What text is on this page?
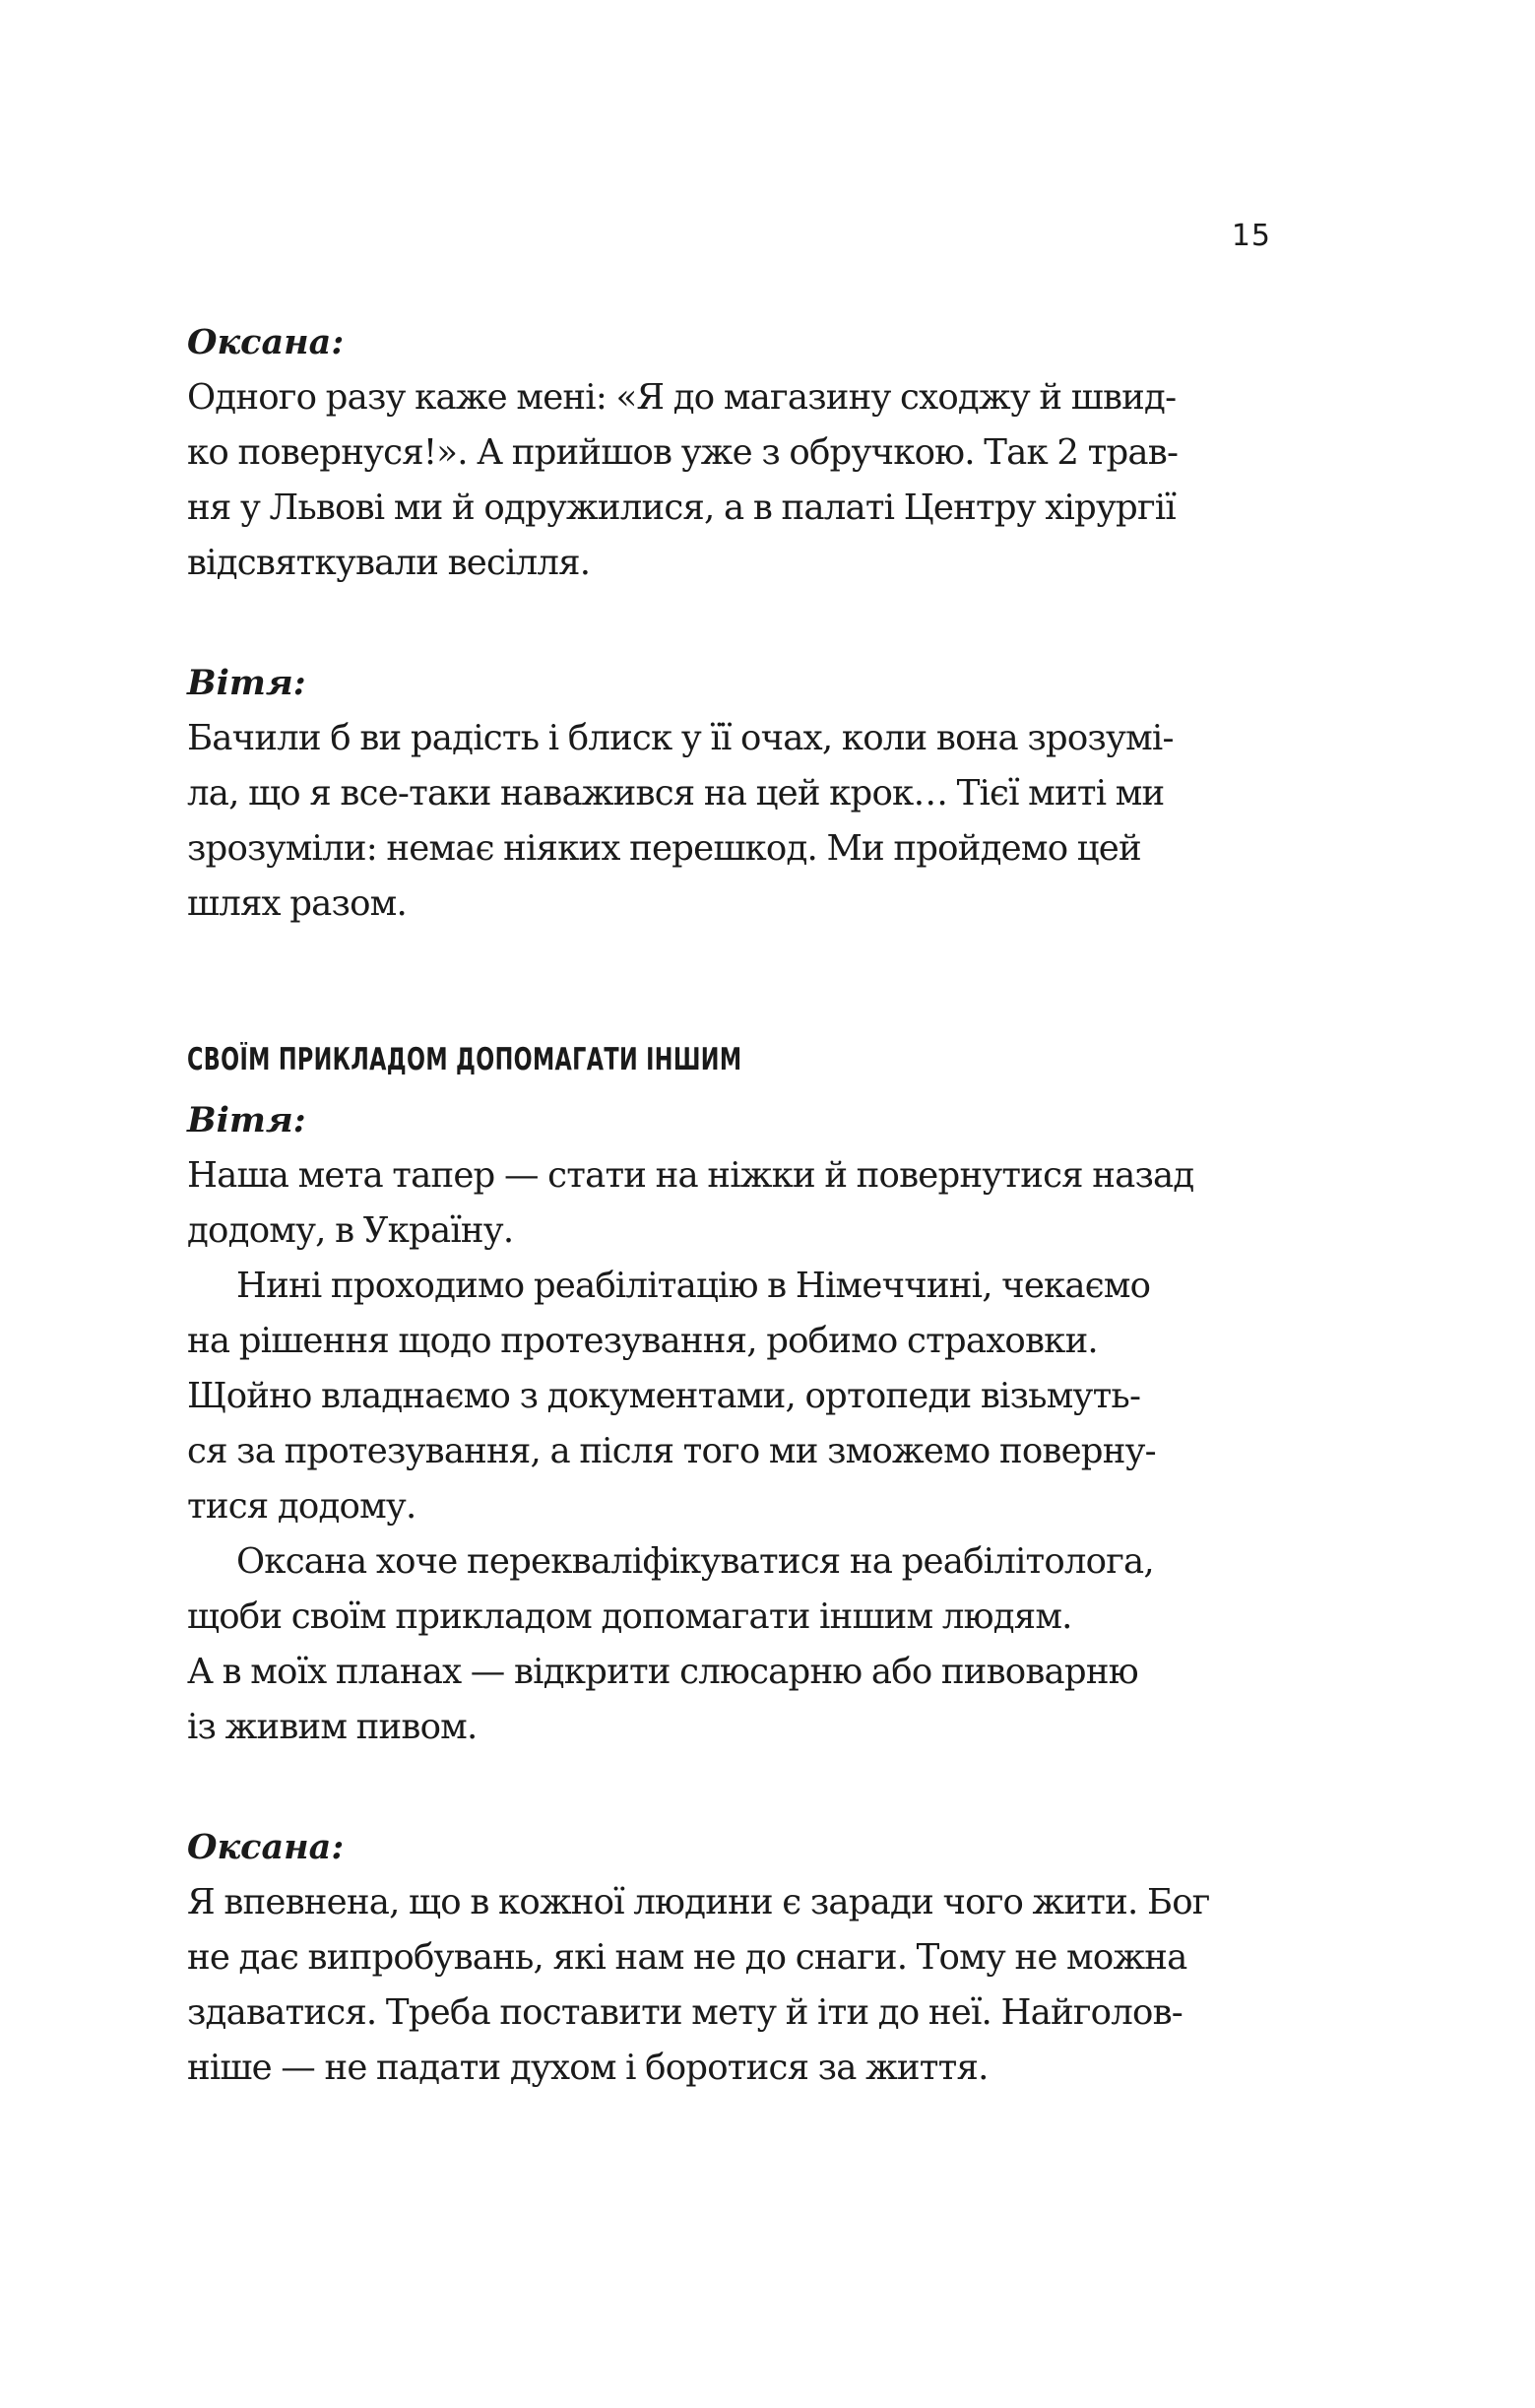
15

Оксана:

Одного разу каже мені: «Я до магазину сходжу й швид-
ко повернуся!». А прийшов уже з обручкою. Так 2 трав-
ня у Львові ми й одружилися, а в палаті Центру хірургії
відсвяткували весілля.

Вітя:

Бачили б ви радість і блиск у її очах, коли вона зрозумі-
ла, що я все-таки наважився на цей крок… Тієї миті ми
зрозуміли: немає ніяких перешкод. Ми пройдемо цей
шлях разом.

СВОЇМ ПРИКЛАДОМ ДОПОМАГАТИ ІНШИМ

Вітя:

Наша мета тапер — стати на ніжки й повернутися назад
додому, в Україну.

Нині проходимо реабілітацію в Німеччині, чекаємо
на рішення щодо протезування, робимо страховки.
Щойно владнаємо з документами, ортопеди візьмуть-
ся за протезування, а після того ми зможемо поверну-
тися додому.

Оксана хоче перекваліфікуватися на реабілітолога,
щоби своїм прикладом допомагати іншим людям.
А в моїх планах — відкрити слюсарню або пивоварню
із живим пивом.

Оксана:

Я впевнена, що в кожної людини є заради чого жити. Бог
не дає випробувань, які нам не до снаги. Тому не можна
здаватися. Треба поставити мету й іти до неї. Найголов-
ніше — не падати духом і боротися за життя.
